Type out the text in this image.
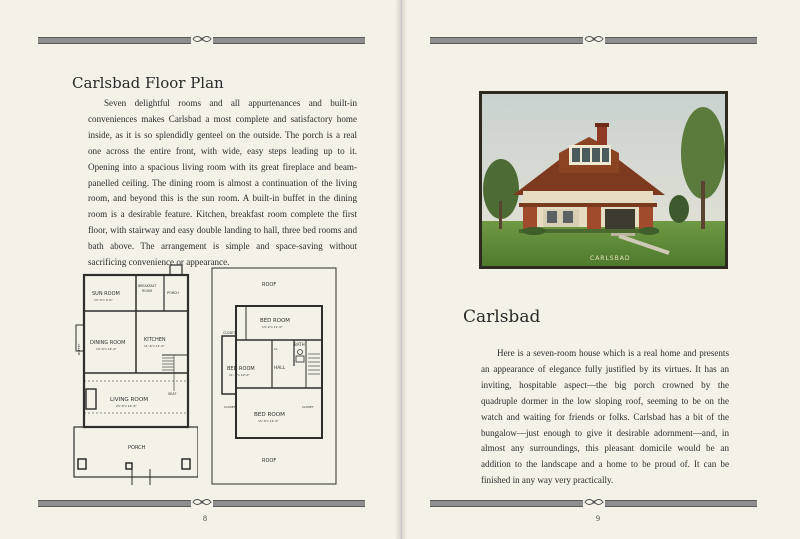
Carlsbad Floor Plan
Seven delightful rooms and all appurtenances and built-in conveniences makes Carlsbad a most complete and satisfactory home inside, as it is so splendidly genteel on the outside. The porch is a real one across the entire front, with wide, easy steps leading up to it. Opening into a spacious living room with its great fireplace and beam-panelled ceiling. The dining room is almost a continuation of the living room, and beyond this is the sun room. A built-in buffet in the dining room is a desirable feature. Kitchen, breakfast room complete the first floor, with stairway and easy double landing to hall, three bed rooms and bath above. The arrangement is simple and space-saving without sacrificing convenience or appearance.
SUN ROOM
13'-0"x 9'-0"
BREAKFAST
ROOM	PORCH
DINING ROOM
13'-0"x 14'-0"
KITCHEN
11'-6"x 11'-0"
BUFFET
LIVING ROOM
23'-0"x 14'-6"
SEAT
PORCH
ROOF
BED ROOM
13'-0"x 11'-0"
CLOSET
CL
BATH
BED ROOM
11'-0"x 10'-0"
HALL
BED ROOM
15'-0"x 12'-0"
CLOSET	CLOSET
ROOF
8
CARLSBAD
Carlsbad
Here is a seven-room house which is a real home and presents an appearance of elegance fully justified by its virtues. It has an inviting, hospitable aspect—the big porch crowned by the quadruple dormer in the low sloping roof, seeming to be on the watch and waiting for friends or folks. Carlsbad has a bit of the bungalow—just enough to give it desirable adornment—and, in almost any surroundings, this pleasant domicile would be an addition to the landscape and a home to be proud of. It can be finished in any way very practically.
9
